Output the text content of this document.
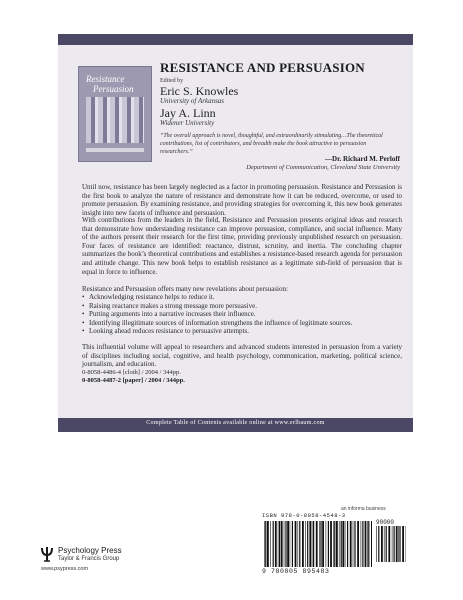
Resistance
Persuasion
RESISTANCE AND PERSUASION
Edited by
Eric S. Knowles
University of Arkansas
Jay A. Linn
Widener University
“The overall approach is novel, thoughtful, and extraordinarily stimulating…The theoretical contributions, list of contributors, and breadth make the book attractive to persuasion researchers.”
—Dr. Richard M. Perloff
Department of Communication, Cleveland State University

Until now, resistance has been largely neglected as a factor in promoting persuasion. Resistance and Persuasion is the first book to analyze the nature of resistance and demonstrate how it can be reduced, overcome, or used to promote persuasion. By examining resistance, and providing strategies for overcoming it, this new book generates insight into new facets of influence and persuasion.

With contributions from the leaders in the field, Resistance and Persuasion presents original ideas and research that demonstrate how understanding resistance can improve persuasion, compliance, and social influence. Many of the authors present their research for the first time, providing previously unpublished research on persuasion. Four faces of resistance are identified: reactance, distrust, scrutiny, and inertia. The concluding chapter summarizes the book’s theoretical contributions and establishes a resistance-based research agenda for persuasion and attitude change. This new book helps to establish resistance as a legitimate sub-field of persuasion that is equal in force to influence.

Resistance and Persuasion offers many new revelations about persuasion:
• Acknowledging resistance helps to reduce it.
• Raising reactance makes a strong message more persuasive.
• Putting arguments into a narrative increases their influence.
• Identifying illegitimate sources of information strengthens the influence of legitimate sources.
• Looking ahead reduces resistance to persuasive attempts.

This influential volume will appeal to researchers and advanced students interested in persuasion from a variety of disciplines including social, cognitive, and health psychology, communication, marketing, political science, journalism, and education.

0-8058-4486-4 [cloth] / 2004 / 344pp.
0-8058-4487-2 [paper] / 2004 / 344pp.
Complete Table of Contents available online at www.erlbaum.com
an informa business
ISBN 978-0-8058-4548-3
90000
9 780805 895483
Psychology Press
Taylor & Francis Group
www.psypress.com
